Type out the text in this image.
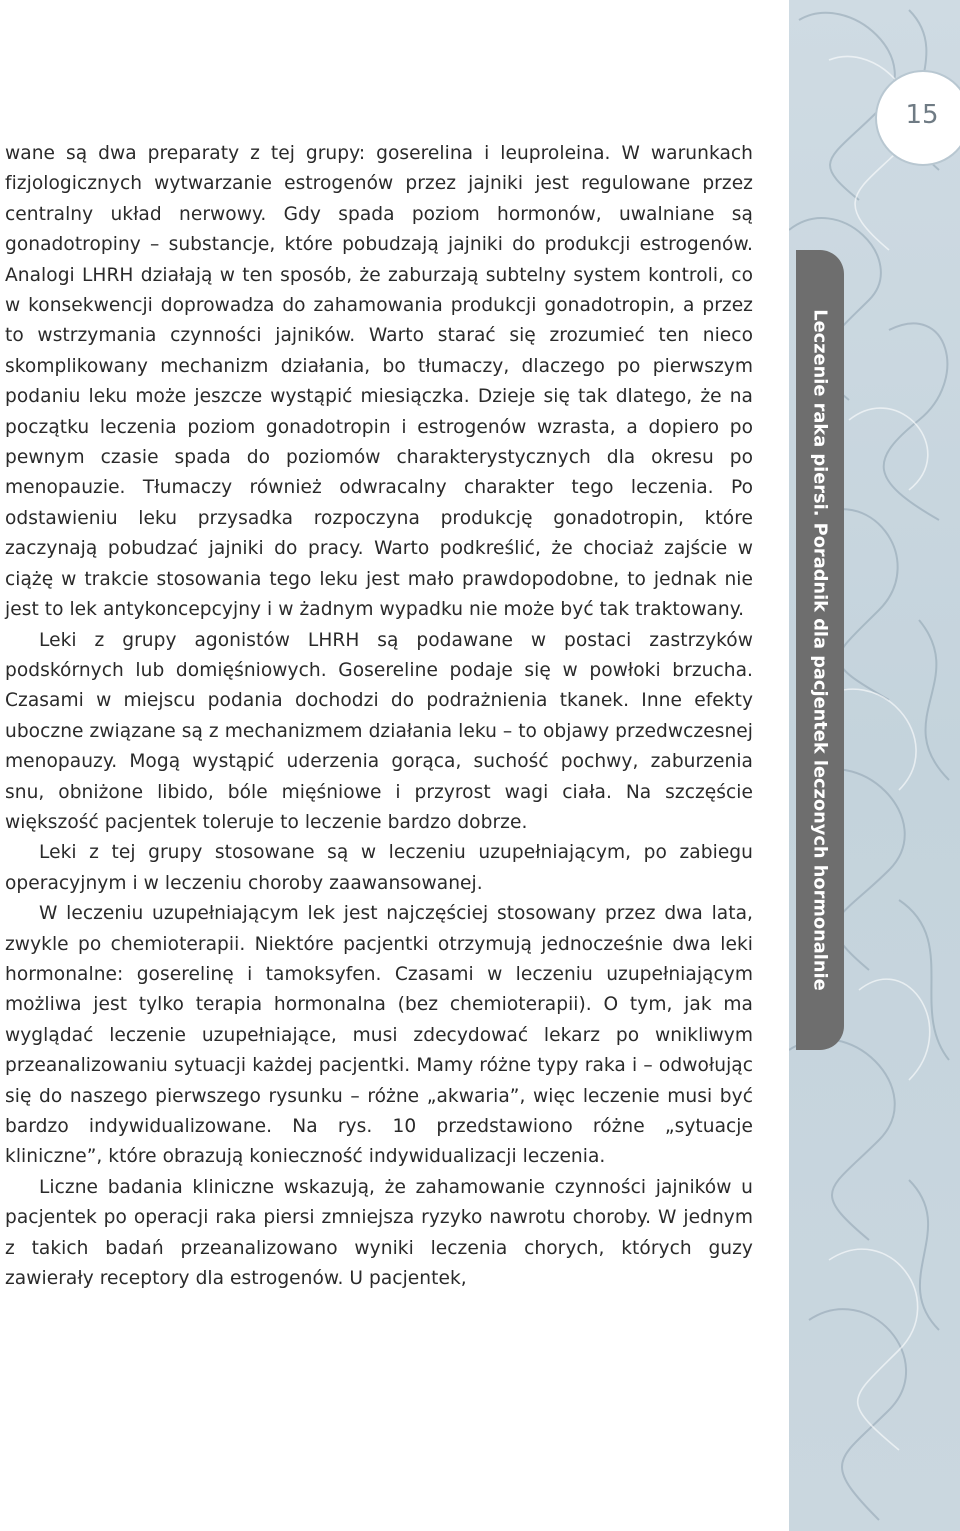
wane są dwa preparaty z tej grupy: goserelina i leuproleina. W warunkach fizjologicznych wytwarzanie estrogenów przez jajniki jest regulowane przez centralny układ nerwowy. Gdy spada poziom hormonów, uwalniane są gonadotropiny – substancje, które pobudzają jajniki do produkcji estrogenów. Analogi LHRH działają w ten sposób, że zaburzają subtelny system kontroli, co w konsekwencji doprowadza do zahamowania produkcji gonadotropin, a przez to wstrzymania czynności jajników. Warto starać się zrozumieć ten nieco skomplikowany mechanizm działania, bo tłumaczy, dlaczego po pierwszym podaniu leku może jeszcze wystąpić miesiączka. Dzieje się tak dlatego, że na początku leczenia poziom gonadotropin i estrogenów wzrasta, a dopiero po pewnym czasie spada do poziomów charakterystycznych dla okresu po menopauzie. Tłumaczy również odwracalny charakter tego leczenia. Po odstawieniu leku przysadka rozpoczyna produkcję gonadotropin, które zaczynają pobudzać jajniki do pracy. Warto podkreślić, że chociaż zajście w ciążę w trakcie stosowania tego leku jest mało prawdopodobne, to jednak nie jest to lek antykoncepcyjny i w żadnym wypadku nie może być tak traktowany.

Leki z grupy agonistów LHRH są podawane w postaci zastrzyków podskórnych lub domięśniowych. Gosereline podaje się w powłoki brzucha. Czasami w miejscu podania dochodzi do podrażnienia tkanek. Inne efekty uboczne związane są z mechanizmem działania leku – to objawy przedwczesnej menopauzy. Mogą wystąpić uderzenia gorąca, suchość pochwy, zaburzenia snu, obniżone libido, bóle mięśniowe i przyrost wagi ciała. Na szczęście większość pacjentek toleruje to leczenie bardzo dobrze.

Leki z tej grupy stosowane są w leczeniu uzupełniającym, po zabiegu operacyjnym i w leczeniu choroby zaawansowanej.

W leczeniu uzupełniającym lek jest najczęściej stosowany przez dwa lata, zwykle po chemioterapii. Niektóre pacjentki otrzymują jednocześnie dwa leki hormonalne: goserelinę i tamoksyfen. Czasami w leczeniu uzupełniającym możliwa jest tylko terapia hormonalna (bez chemioterapii). O tym, jak ma wyglądać leczenie uzupełniające, musi zdecydować lekarz po wnikliwym przeanalizowaniu sytuacji każdej pacjentki. Mamy różne typy raka i – odwołując się do naszego pierwszego rysunku – różne „akwaria”, więc leczenie musi być bardzo indywidualizowane. Na rys. 10 przedstawiono różne „sytuacje kliniczne”, które obrazują konieczność indywidualizacji leczenia.

Liczne badania kliniczne wskazują, że zahamowanie czynności jajników u pacjentek po operacji raka piersi zmniejsza ryzyko nawrotu choroby. W jednym z takich badań przeanalizowano wyniki leczenia chorych, których guzy zawierały receptory dla estrogenów. U pacjentek,

15
Leczenie raka piersi. Poradnik dla pacjentek leczonych hormonalnie
